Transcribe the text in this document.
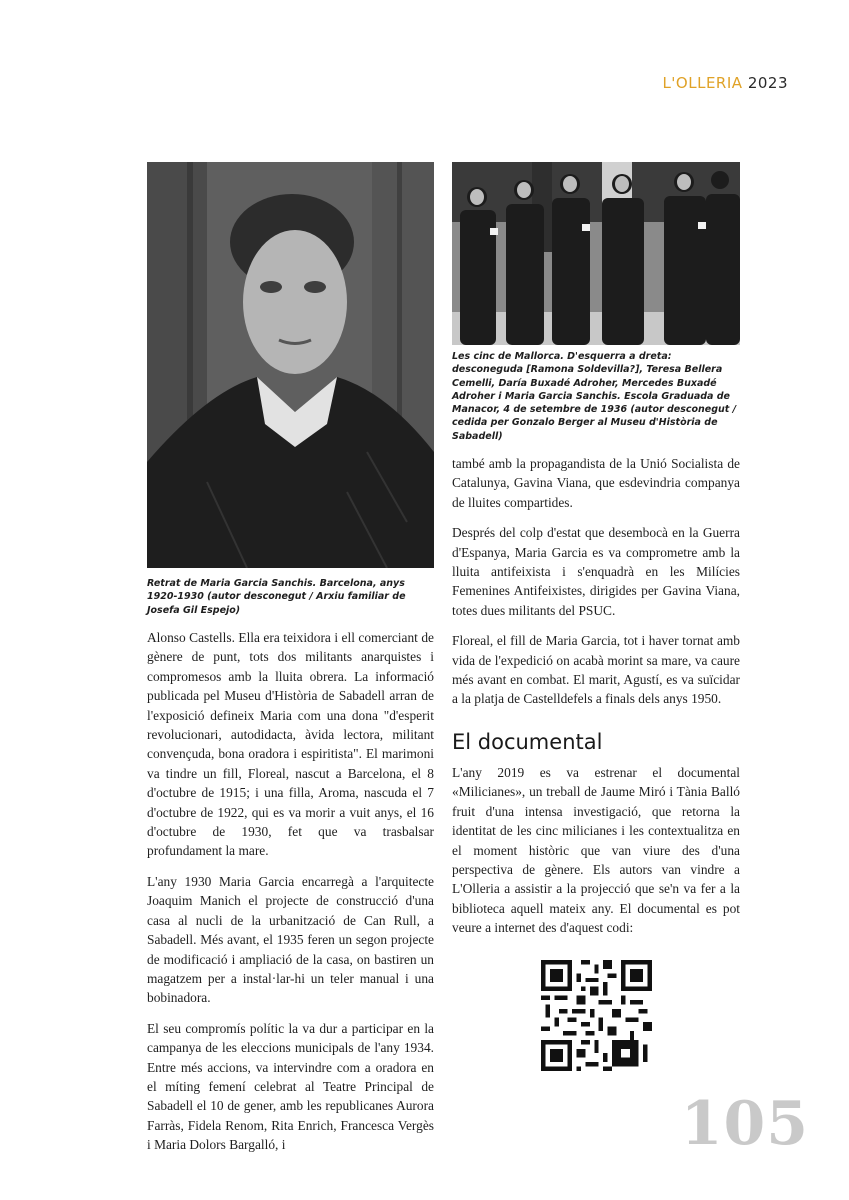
L'OLLERIA 2023

Les cinc de Mallorca. D'esquerra a dreta: desconeguda [Ramona Soldevilla?], Teresa Bellera Cemelli, Daría Buxadé Adroher, Mercedes Buxadé Adroher i Maria Garcia Sanchis. Escola Graduada de Manacor, 4 de setembre de 1936 (autor desconegut / cedida per Gonzalo Berger al Museu d'Història de Sabadell)

Retrat de Maria Garcia Sanchis. Barcelona, anys 1920-1930 (autor desconegut / Arxiu familiar de Josefa Gil Espejo)

Alonso Castells. Ella era teixidora i ell comerciant de gènere de punt, tots dos militants anarquistes i compromesos amb la lluita obrera. La informació publicada pel Museu d'Història de Sabadell arran de l'exposició defineix Maria com una dona "d'esperit revolucionari, autodidacta, àvida lectora, militant convençuda, bona oradora i espiritista". El marimoni va tindre un fill, Floreal, nascut a Barcelona, el 8 d'octubre de 1915; i una filla, Aroma, nascuda el 7 d'octubre de 1922, qui es va morir a vuit anys, el 16 d'octubre de 1930, fet que va trasbalsar profundament la mare.

L'any 1930 Maria Garcia encarregà a l'arquitecte Joaquim Manich el projecte de construcció d'una casa al nucli de la urbanització de Can Rull, a Sabadell. Més avant, el 1935 feren un segon projecte de modificació i ampliació de la casa, on bastiren un magatzem per a instal·lar-hi un teler manual i una bobinadora.

El seu compromís polític la va dur a participar en la campanya de les eleccions municipals de l'any 1934. Entre més accions, va intervindre com a oradora en el míting femení celebrat al Teatre Principal de Sabadell el 10 de gener, amb les republicanes Aurora Farràs, Fidela Renom, Rita Enrich, Francesca Vergès i Maria Dolors Bargalló, i

també amb la propagandista de la Unió Socialista de Catalunya, Gavina Viana, que esdevindria companya de lluites compartides.

Després del colp d'estat que desembocà en la Guerra d'Espanya, Maria Garcia es va comprometre amb la lluita antifeixista i s'enquadrà en les Milícies Femenines Antifeixistes, dirigides per Gavina Viana, totes dues militants del PSUC.

Floreal, el fill de Maria Garcia, tot i haver tornat amb vida de l'expedició on acabà morint sa mare, va caure més avant en combat. El marit, Agustí, es va suïcidar a la platja de Castelldefels a finals dels anys 1950.

El documental

L'any 2019 es va estrenar el documental «Milicianes», un treball de Jaume Miró i Tània Balló fruit d'una intensa investigació, que retorna la identitat de les cinc milicianes i les contextualitza en el moment històric que van viure des d'una perspectiva de gènere. Els autors van vindre a L'Olleria a assistir a la projecció que se'n va fer a la biblioteca aquell mateix any. El documental es pot veure a internet des d'aquest codi:

105
